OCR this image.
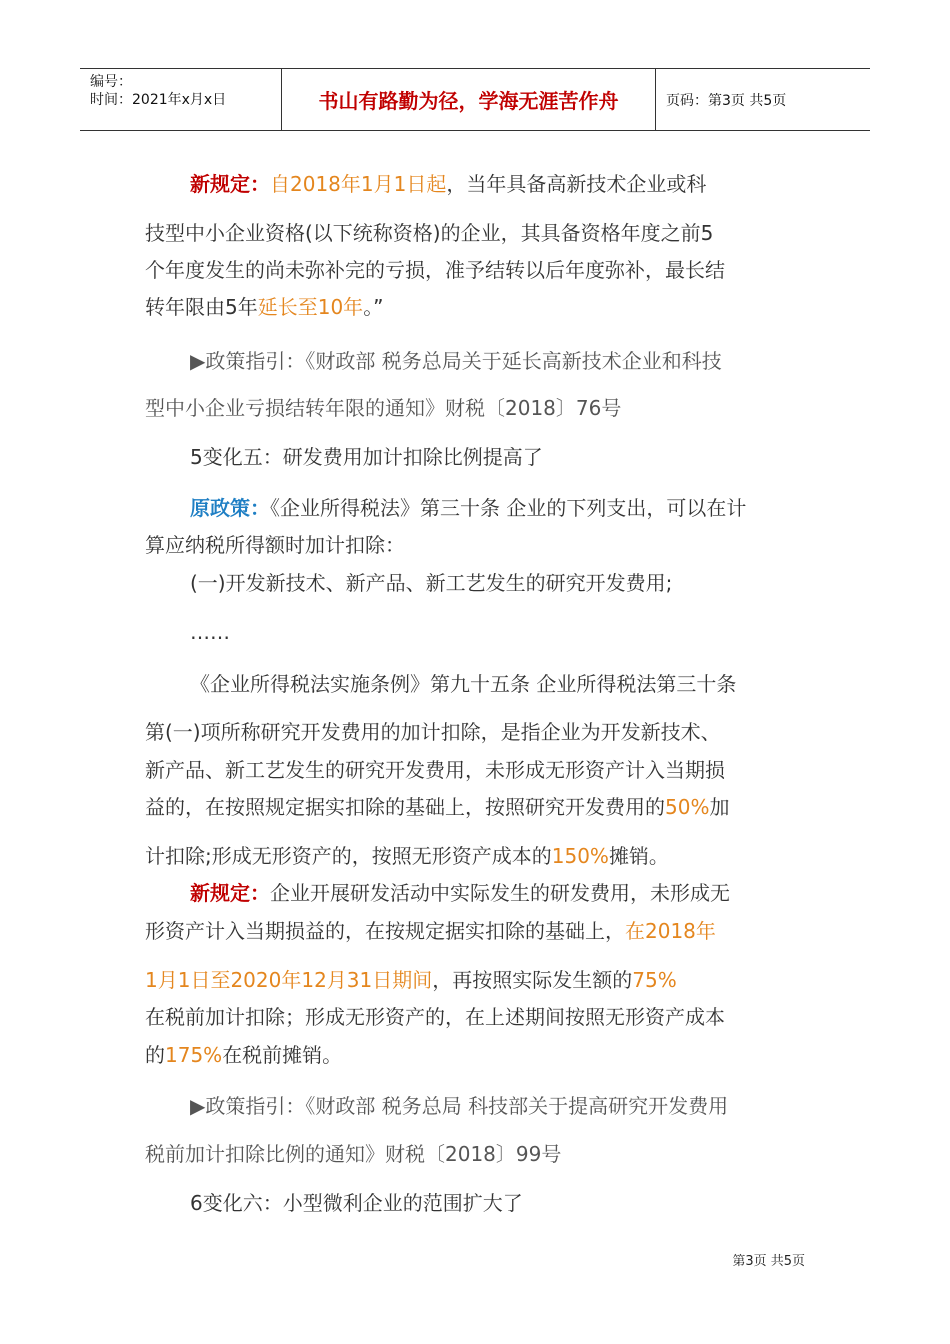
编号：
时间：2021年x月x日	书山有路勤为径，学海无涯苦作舟	页码：第3页 共5页
新规定：自2018年1月1日起，当年具备高新技术企业或科
技型中小企业资格(以下统称资格)的企业，其具备资格年度之前5
个年度发生的尚未弥补完的亏损，准予结转以后年度弥补，最长结
转年限由5年延长至10年。”
▶政策指引：《财政部 税务总局关于延长高新技术企业和科技
型中小企业亏损结转年限的通知》财税〔2018〕76号
5变化五：研发费用加计扣除比例提高了
原政策：《企业所得税法》第三十条 企业的下列支出，可以在计
算应纳税所得额时加计扣除：
(一)开发新技术、新产品、新工艺发生的研究开发费用;
……
《企业所得税法实施条例》第九十五条 企业所得税法第三十条
第(一)项所称研究开发费用的加计扣除，是指企业为开发新技术、
新产品、新工艺发生的研究开发费用，未形成无形资产计入当期损
益的，在按照规定据实扣除的基础上，按照研究开发费用的50%加
计扣除;形成无形资产的，按照无形资产成本的150%摊销。
新规定：企业开展研发活动中实际发生的研发费用，未形成无
形资产计入当期损益的，在按规定据实扣除的基础上，在2018年
1月1日至2020年12月31日期间，再按照实际发生额的75%
在税前加计扣除；形成无形资产的，在上述期间按照无形资产成本
的175%在税前摊销。
▶政策指引：《财政部 税务总局 科技部关于提高研究开发费用
税前加计扣除比例的通知》财税〔2018〕99号
6变化六：小型微利企业的范围扩大了
第3页 共5页
